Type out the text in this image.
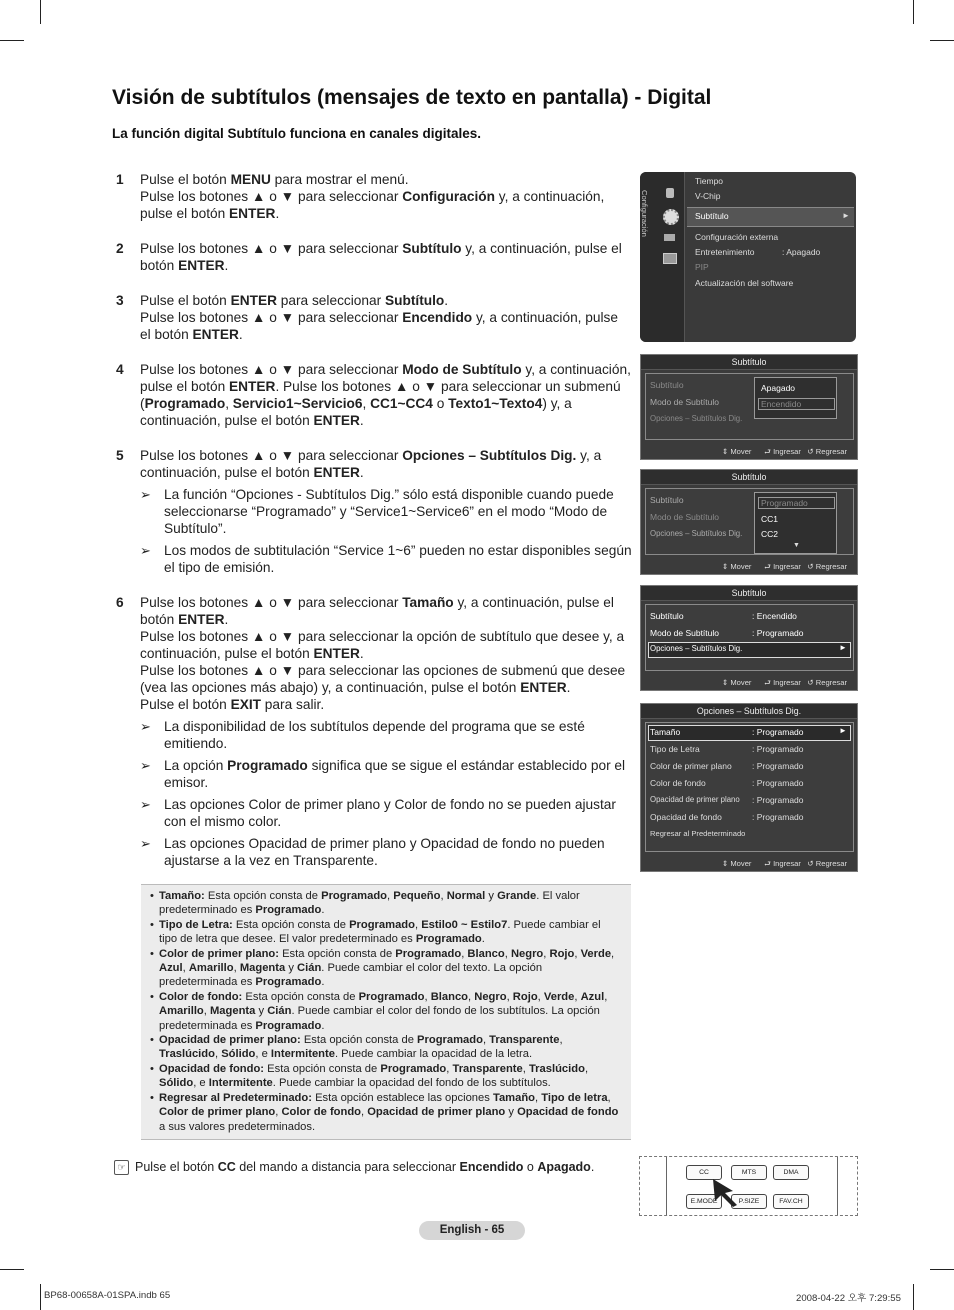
Visión de subtítulos (mensajes de texto en pantalla) - Digital
La función digital Subtítulo funciona en canales digitales.
1 Pulse el botón MENU para mostrar el menú.
Pulse los botones ▲ o ▼ para seleccionar Configuración y, a continuación,
pulse el botón ENTER.

2 Pulse los botones ▲ o ▼ para seleccionar Subtítulo y, a continuación, pulse el botón ENTER.

3 Pulse el botón ENTER para seleccionar Subtítulo.
Pulse los botones ▲ o ▼ para seleccionar Encendido y, a continuación, pulse el botón ENTER.

4 Pulse los botones ▲ o ▼ para seleccionar Modo de Subtítulo y, a continuación, pulse el botón ENTER. Pulse los botones ▲ o ▼ para seleccionar un submenú (Programado, Servicio1~Servicio6, CC1~CC4 o Texto1~Texto4) y, a continuación, pulse el botón ENTER.

5 Pulse los botones ▲ o ▼ para seleccionar Opciones – Subtítulos Dig. y, a continuación, pulse el botón ENTER.

➢ La función “Opciones - Subtítulos Dig.” sólo está disponible cuando puede seleccionarse “Programado” y “Service1~Service6” en el modo “Modo de Subtítulo”.
➢ Los modos de subtitulación “Service 1~6” pueden no estar disponibles según el tipo de emisión.
6 Pulse los botones ▲ o ▼ para seleccionar Tamaño y, a continuación, pulse el botón ENTER.
Pulse los botones ▲ o ▼ para seleccionar la opción de subtítulo que desee y, a continuación, pulse el botón ENTER.
Pulse los botones ▲ o ▼ para seleccionar las opciones de submenú que desee (vea las opciones más abajo) y, a continuación, pulse el botón ENTER.

Pulse el botón EXIT para salir.

➢ La disponibilidad de los subtítulos depende del programa que se esté emitiendo.
➢ La opción Programado significa que se sigue el estándar establecido por el emisor.
➢ Las opciones Color de primer plano y Color de fondo no se pueden ajustar con el mismo color.
➢ Las opciones Opacidad de primer plano y Opacidad de fondo no pueden ajustarse a la vez en Transparente.
• Tamaño: Esta opción consta de Programado, Pequeño, Normal y Grande. El valor predeterminado es Programado.
• Tipo de Letra: Esta opción consta de Programado, Estilo0 ~ Estilo7. Puede cambiar el tipo de letra que desee. El valor predeterminado es Programado.
• Color de primer plano: Esta opción consta de Programado, Blanco, Negro, Rojo, Verde, Azul, Amarillo, Magenta y Cián. Puede cambiar el color del texto. La opción predeterminada es Programado.
• Color de fondo: Esta opción consta de Programado, Blanco, Negro, Rojo, Verde, Azul, Amarillo, Magenta y Cián. Puede cambiar el color del fondo de los subtítulos. La opción predeterminada es Programado.
• Opacidad de primer plano: Esta opción consta de Programado, Transparente, Traslúcido, Sólido, e Intermitente. Puede cambiar la opacidad de la letra.
• Opacidad de fondo: Esta opción consta de Programado, Transparente, Traslúcido, Sólido, e Intermitente. Puede cambiar la opacidad del fondo de los subtítulos.
• Regresar al Predeterminado: Esta opción establece las opciones Tamaño, Tipo de letra, Color de primer plano, Color de fondo, Opacidad de primer plano y Opacidad de fondo a sus valores predeterminados.
☞ Pulse el botón CC del mando a distancia para seleccionar Encendido o Apagado.
Configuración
Tiempo
V-Chip
Subtítulo	►
Configuración externa
Entretenimiento	: Apagado
PIP
Actualización del software
Subtítulo
Subtítulo
Modo de Subtítulo
Opciones – Subtítulos Dig.
Apagado
Encendido
⇕ Mover ⮐ Ingresar ↺ Regresar
Subtítulo
Subtítulo
Modo de Subtítulo
Opciones – Subtítulos Dig.
Programado
CC1
CC2
▼
⇕ Mover ⮐ Ingresar ↺ Regresar
Subtítulo
Subtítulo	: Encendido
Modo de Subtítulo	: Programado
Opciones – Subtítulos Dig.	►
⇕ Mover ⮐ Ingresar ↺ Regresar
Opciones – Subtítulos Dig.
Tamaño	: Programado	►
Tipo de Letra	: Programado
Color de primer plano : Programado
Color de fondo	: Programado
Opacidad de primer plano : Programado
Opacidad de fondo	: Programado
Regresar al Predeterminado
⇕ Mover ⮐ Ingresar ↺ Regresar
CC	MTS	DMA
E.MODE	P.SIZE	FAV.CH
English - 65
BP68-00658A-01SPA.indb 65	2008-04-22 오후 7:29:55
